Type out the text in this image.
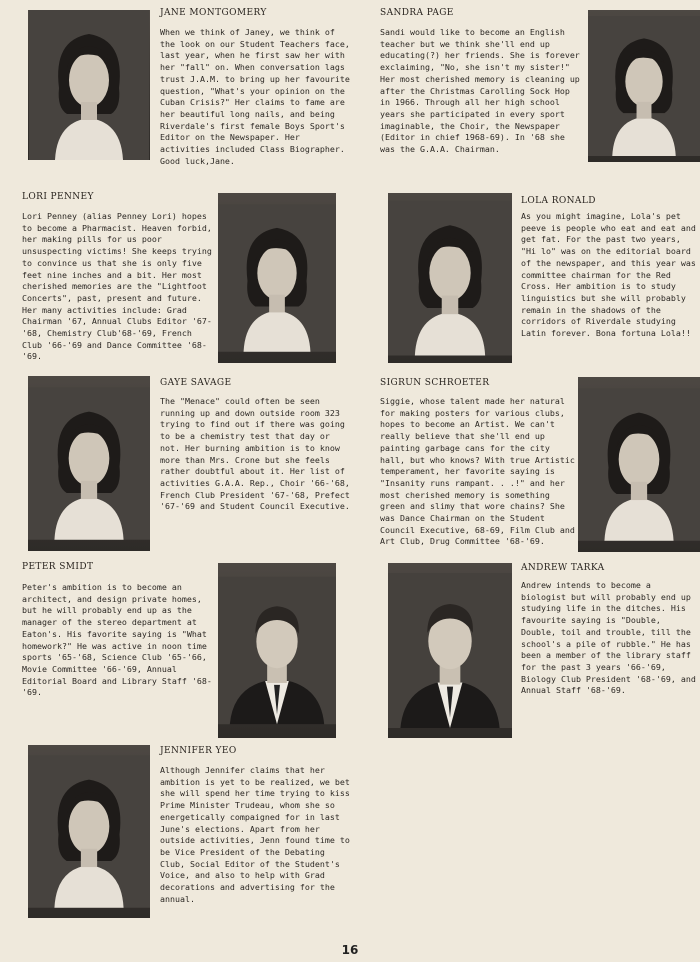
JANE MONTGOMERY

When we think of Janey, we think of the look on our Student Teachers face, last year, when he first saw her with her "fall" on. When conversation lags trust J.A.M. to bring up her favourite question, "What's your opinion on the Cuban Crisis?" Her claims to fame are her beautiful long nails, and being Riverdale's first female Boys Sport's Editor on the Newspaper. Her activities included Class Biographer. Good luck,Jane.

SANDRA PAGE

Sandi would like to become an English teacher but we think she'll end up educating(?) her friends. She is forever exclaiming, "No, she isn't my sister!" Her most cherished memory is cleaning up after the Christmas Carolling Sock Hop in 1966. Through all her high school years she participated in every sport imaginable, the Choir, the Newspaper (Editor in chief 1968-69). In '68 she was the G.A.A. Chairman.

LORI PENNEY

Lori Penney (alias Penney Lori) hopes to become a Pharmacist. Heaven forbid, her making pills for us poor unsuspecting victims! She keeps trying to convince us that she is only five feet nine inches and a bit. Her most cherished memories are the "Lightfoot Concerts", past, present and future. Her many activities include: Grad Chairman '67, Annual Clubs Editor '67-'68, Chemistry Club'68-'69, French Club '66-'69 and Dance Committee '68-'69.

LOLA RONALD

As you might imagine, Lola's pet peeve is people who eat and eat and get fat. For the past two years, "Hi lo" was on the editorial board of the newspaper, and this year was committee chairman for the Red Cross. Her ambition is to study linguistics but she will probably remain in the shadows of the corridors of Riverdale studying Latin forever. Bona fortuna Lola!!

GAYE SAVAGE

The "Menace" could often be seen running up and down outside room 323 trying to find out if there was going to be a chemistry test that day or not. Her burning ambition is to know more than Mrs. Crone but she feels rather doubtful about it. Her list of activities G.A.A. Rep., Choir '66-'68, French Club President '67-'68, Prefect '67-'69 and Student Council Executive.

SIGRUN SCHROETER

Siggie, whose talent made her natural for making posters for various clubs, hopes to become an Artist. We can't really believe that she'll end up painting garbage cans for the city hall, but who knows? With true Artistic temperament, her favorite saying is "Insanity runs rampant. . .!" and her most cherished memory is something green and slimy that wore chains? She was Dance Chairman on the Student Council Executive, 68-69, Film Club and Art Club, Drug Committee '68-'69.

PETER SMIDT

Peter's ambition is to become an architect, and design private homes, but he will probably end up as the manager of the stereo department at Eaton's. His favorite saying is "What homework?" He was active in noon time sports '65-'68, Science Club '65-'66, Movie Committee '66-'69, Annual Editorial Board and Library Staff '68-'69.

ANDREW TARKA

Andrew intends to become a biologist but will probably end up studying life in the ditches. His favourite saying is "Double, Double, toil and trouble, till the school's a pile of rubble." He has been a member of the library staff for the past 3 years '66-'69, Biology Club President '68-'69, and Annual Staff '68-'69.

JENNIFER YEO

Although Jennifer claims that her ambition is yet to be realized, we bet she will spend her time trying to kiss Prime Minister Trudeau, whom she so energetically compaigned for in last June's elections. Apart from her outside activities, Jenn found time to be Vice President of the Debating Club, Social Editor of the Student's Voice, and also to help with Grad decorations and advertising for the annual.

16
